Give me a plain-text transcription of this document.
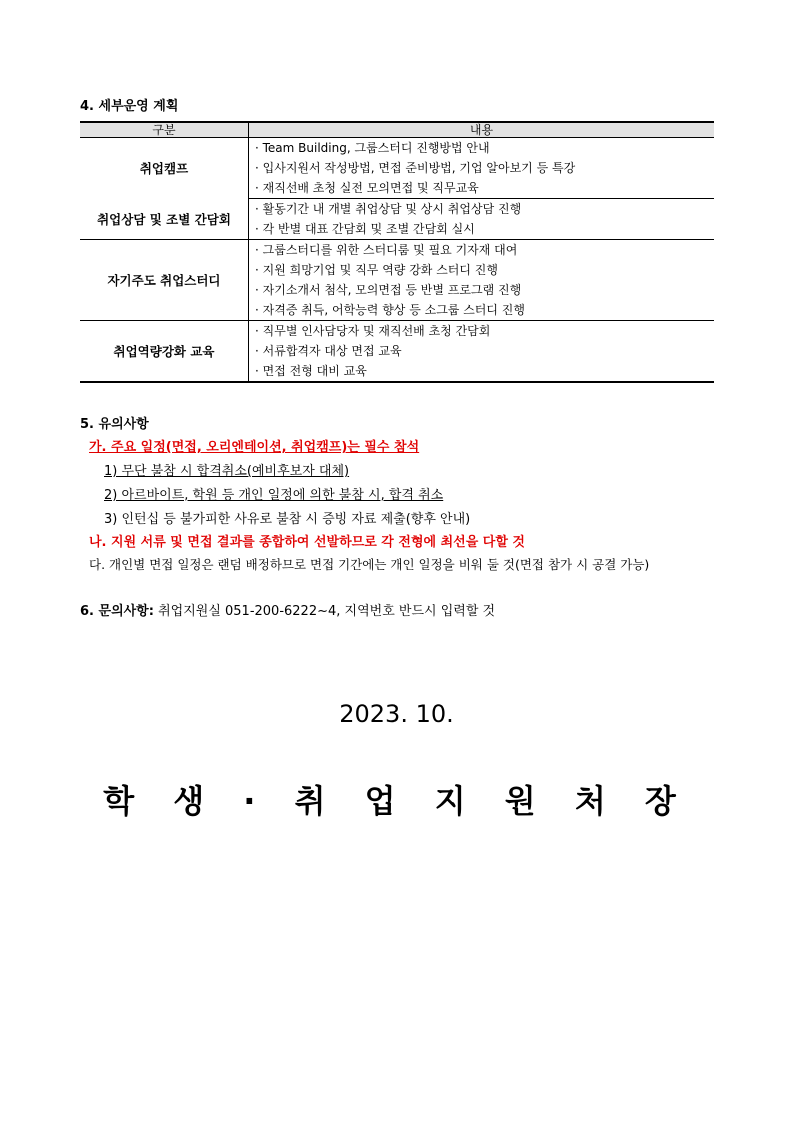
4. 세부운영 계획
구분	내용
취업캠프	· Team Building, 그룹스터디 진행방법 안내

	· 입사지원서 작성방법, 면접 준비방법, 기업 알아보기 등 특강

	· 재직선배 초청 실전 모의면접 및 직무교육

취업상담 및 조별 간담회	· 활동기간 내 개별 취업상담 및 상시 취업상담 진행

	· 각 반별 대표 간담회 및 조별 간담회 실시

자기주도 취업스터디	· 그룹스터디를 위한 스터디룸 및 필요 기자재 대여

	· 지원 희망기업 및 직무 역량 강화 스터디 진행

	· 자기소개서 첨삭, 모의면접 등 반별 프로그램 진행

	· 자격증 취득, 어학능력 향상 등 소그룹 스터디 진행

취업역량강화 교육	· 직무별 인사담당자 및 재직선배 초청 간담회

	· 서류합격자 대상 면접 교육

	· 면접 전형 대비 교육
5. 유의사항
가. 주요 일정(면접, 오리엔테이션, 취업캠프)는 필수 참석
1) 무단 불참 시 합격취소(예비후보자 대체)
2) 아르바이트, 학원 등 개인 일정에 의한 불참 시, 합격 취소
3) 인턴십 등 불가피한 사유로 불참 시 증빙 자료 제출(향후 안내)
나. 지원 서류 및 면접 결과를 종합하여 선발하므로 각 전형에 최선을 다할 것
다. 개인별 면접 일정은 랜덤 배정하므로 면접 기간에는 개인 일정을 비워 둘 것(면접 참가 시 공결 가능)
6. 문의사항: 취업지원실 051-200-6222~4, 지역번호 반드시 입력할 것
2023. 10.
학 생 · 취 업 지 원 처 장
